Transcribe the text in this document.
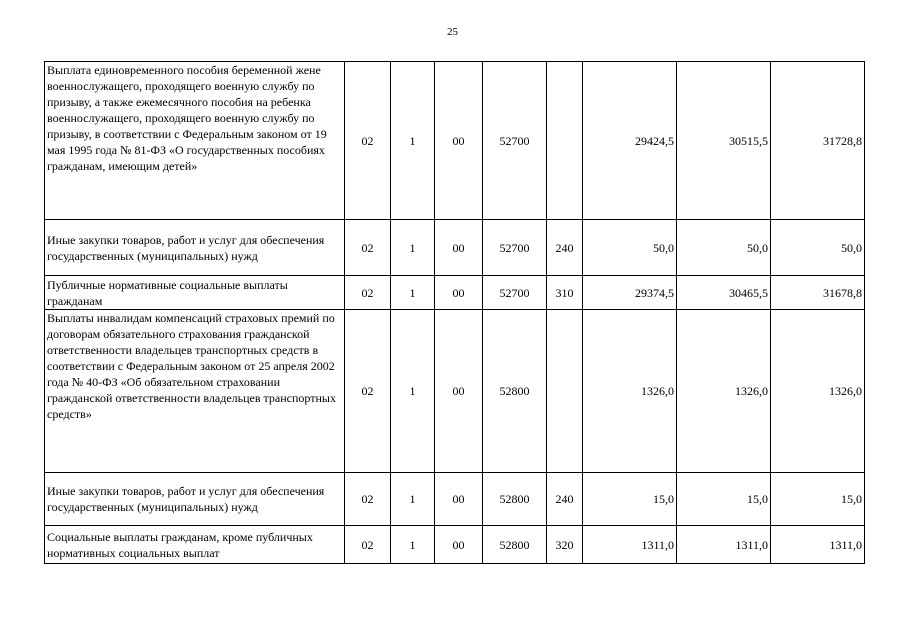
25
Выплата единовременного пособия беременной жене военнослужащего, проходящего военную службу по призыву, а также ежемесячного пособия на ребенка военнослужащего, проходящего военную службу по призыву, в соответствии с Федеральным законом от 19 мая 1995 года № 81-ФЗ «О государственных пособиях гражданам, имеющим детей»	02	1	00	52700		29424,5	30515,5	31728,8
Иные закупки товаров, работ и услуг для обеспечения государственных (муниципальных) нужд	02	1	00	52700	240	50,0	50,0	50,0
Публичные нормативные социальные выплаты гражданам	02	1	00	52700	310	29374,5	30465,5	31678,8
Выплаты инвалидам компенсаций страховых премий по договорам обязательного страхования гражданской ответственности владельцев транспортных средств в соответствии с Федеральным законом от 25 апреля 2002 года № 40-ФЗ «Об обязательном страховании гражданской ответственности владельцев транспортных средств»	02	1	00	52800		1326,0	1326,0	1326,0
Иные закупки товаров, работ и услуг для обеспечения государственных (муниципальных) нужд	02	1	00	52800	240	15,0	15,0	15,0
Социальные выплаты гражданам, кроме публичных нормативных социальных выплат	02	1	00	52800	320	1311,0	1311,0	1311,0
